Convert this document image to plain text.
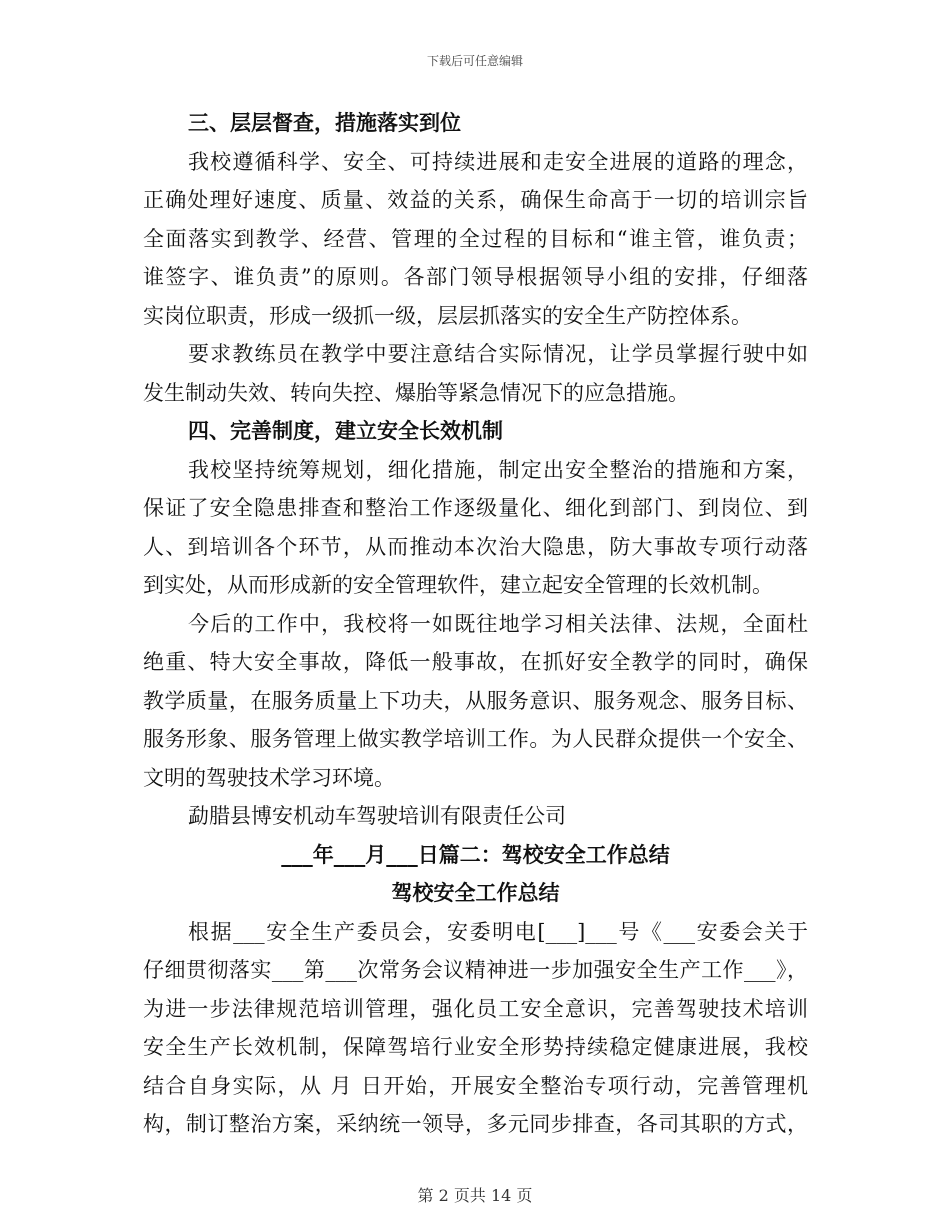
下载后可任意编辑
三、层层督查，措施落实到位
我校遵循科学、安全、可持续进展和走安全进展的道路的理念，
正确处理好速度、质量、效益的关系，确保生命高于一切的培训宗旨
全面落实到教学、经营、管理的全过程的目标和“谁主管，谁负责；
谁签字、谁负责”的原则。各部门领导根据领导小组的安排，仔细落
实岗位职责，形成一级抓一级，层层抓落实的安全生产防控体系。
要求教练员在教学中要注意结合实际情况，让学员掌握行驶中如
发生制动失效、转向失控、爆胎等紧急情况下的应急措施。
四、完善制度，建立安全长效机制
我校坚持统筹规划，细化措施，制定出安全整治的措施和方案，
保证了安全隐患排查和整治工作逐级量化、细化到部门、到岗位、到
人、到培训各个环节，从而推动本次治大隐患，防大事故专项行动落
到实处，从而形成新的安全管理软件，建立起安全管理的长效机制。
今后的工作中，我校将一如既往地学习相关法律、法规，全面杜
绝重、特大安全事故，降低一般事故，在抓好安全教学的同时，确保
教学质量，在服务质量上下功夫，从服务意识、服务观念、服务目标、
服务形象、服务管理上做实教学培训工作。为人民群众提供一个安全、
文明的驾驶技术学习环境。
勐腊县博安机动车驾驶培训有限责任公司
___年___月___日篇二：驾校安全工作总结
驾校安全工作总结
根据___安全生产委员会，安委明电[___]___号《___安委会关于
仔细贯彻落实___第___次常务会议精神进一步加强安全生产工作___》，
为进一步法律规范培训管理，强化员工安全意识，完善驾驶技术培训
安全生产长效机制，保障驾培行业安全形势持续稳定健康进展，我校
结合自身实际，从 月 日开始，开展安全整治专项行动，完善管理机
构，制订整治方案，采纳统一领导，多元同步排查，各司其职的方式，
第 2 页共 14 页
